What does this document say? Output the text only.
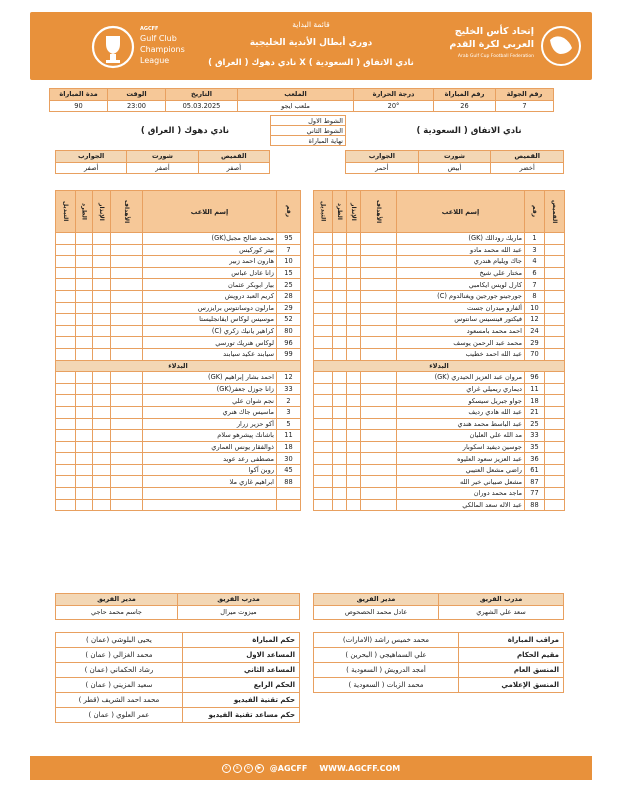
إتحاد كأس الخليج
العربي لكرة القدم
Arab Gulf Cup Football Federation
قائمة البداية
دوري أبطال الأندية الخليجية
نادي الاتفاق ( السعودية ) X نادي دهوك ( العراق )
AGCFF
Gulf Club
Champions
League
رقم الجولة	رقم المباراة	درجة الحرارة	الملعب	التاريخ	الوقت	مدة المباراة
7	26	20°	ملعب ايجو	05.03.2025	23:00	90
نادي الاتفاق ( السعودية )
نادي دهوك ( العراق )
الشوط الاول
الشوط الثاني
نهاية المباراة
القميص	شورت	الجوارب
أخضر	أبيض	أحمر
القميص	شورت	الجوارب
أصفر	أصفر	أصفر
القميص	رقم	إسم اللاعب	الأهداف	الإنذار	الطرد	التبديل

	1	ماريك رودالك (GK)				
	3	عبد الله محمد مادو				
	4	جاك ويليام هندري				
	6	مختار علي شيخ				
	7	كارل لويس ايكامبي				
	8	جورجينو جورجين ويغنالدوم (C)				
	10	ألفارو ميدران جست				
	12	فيكتور فينسيس سانتوس				
	24	احمد محمد بامسعود				
	29	محمد عبد الرحمن يوسف				
	70	عبد الله احمد خطيب				
البدلاء						
	96	مروان عبد العزيز الحيدري (GK)				
	11	ديماري ريميلي غراي				
	18	جواو جبريل سيسكو				
	21	عبد الله هادي رديف				
	25	عبد الباسط محمد هندي				
	33	مد الله علي العليان				
	35	جوسين ديفيد اسكوبار				
	36	عبد العزيز سعود العليوه				
	61	راضي مشعل العتيبي				
	87	مشعل صبياني خير الله				
	77	ماجد محمد دوران				
	88	عبد الاله سعد المالكي				
رقم	إسم اللاعب	الأهداف	الإنذار	الطرد	التبديل

95	محمد صالح مجبل(GK)				
7	بيتر كوركيس				
10	هارون احمد زبير				
15	زانا عادل عباس				
25	بيار ابوبكر عثمان				
28	كريم العبد درويش				
29	مارلون دوسانتوس برايزرس				
52	موسيس لوكاس ايفانجليستا				
80	كراهير يانيك زكري (C)				
96	لوكاس هنريك تورسي				
99	سيابند عكيد سيابند				
البدلاء					
12	احمد بشار إبراهيم (GK)				
33	زانا جوزل جعفر(GK)				
2	نجم شوان علي				
3	ماسيس جاك هنري				
5	آكو حزير زرار				
11	باشانك پيشرهو سلام				
18	ذوالفقار يونس العماري				
30	مصطفى رعد عويد				
45	روبن آكوا				
88	ابراهيم غازي ملا				

مدرب الفريق	مدير الفريق
سعد علي الشهري	عادل محمد الحصحوص
مدرب الفريق	مدير الفريق
ميزوت ميرال	جاسم محمد حاجي
مراقب المباراة	محمد خميس راشد (الامارات)
مقيم الحكام	علي السماهيجي ( البحرين )
المنسق العام	أمجد الدرويش ( السعودية )
المنسق الإعلامي	محمد الزبات ( السعودية )
حكم المباراة	يحيى البلوشي (عمان )
المساعد الاول	محمد الغزالي ( عمان )
المساعد الثاني	رشاد الحكماني (عمان )
الحكم الرابع	سعيد المزيني ( عمان )
حكم تقنية الفيديو	محمد احمد الشريف (قطر )
حكم مساعد تقنية الفيديو	عمر العلوي ( عمان )
x	s	o	▶	@AGCFF WWW.AGCFF.COM
